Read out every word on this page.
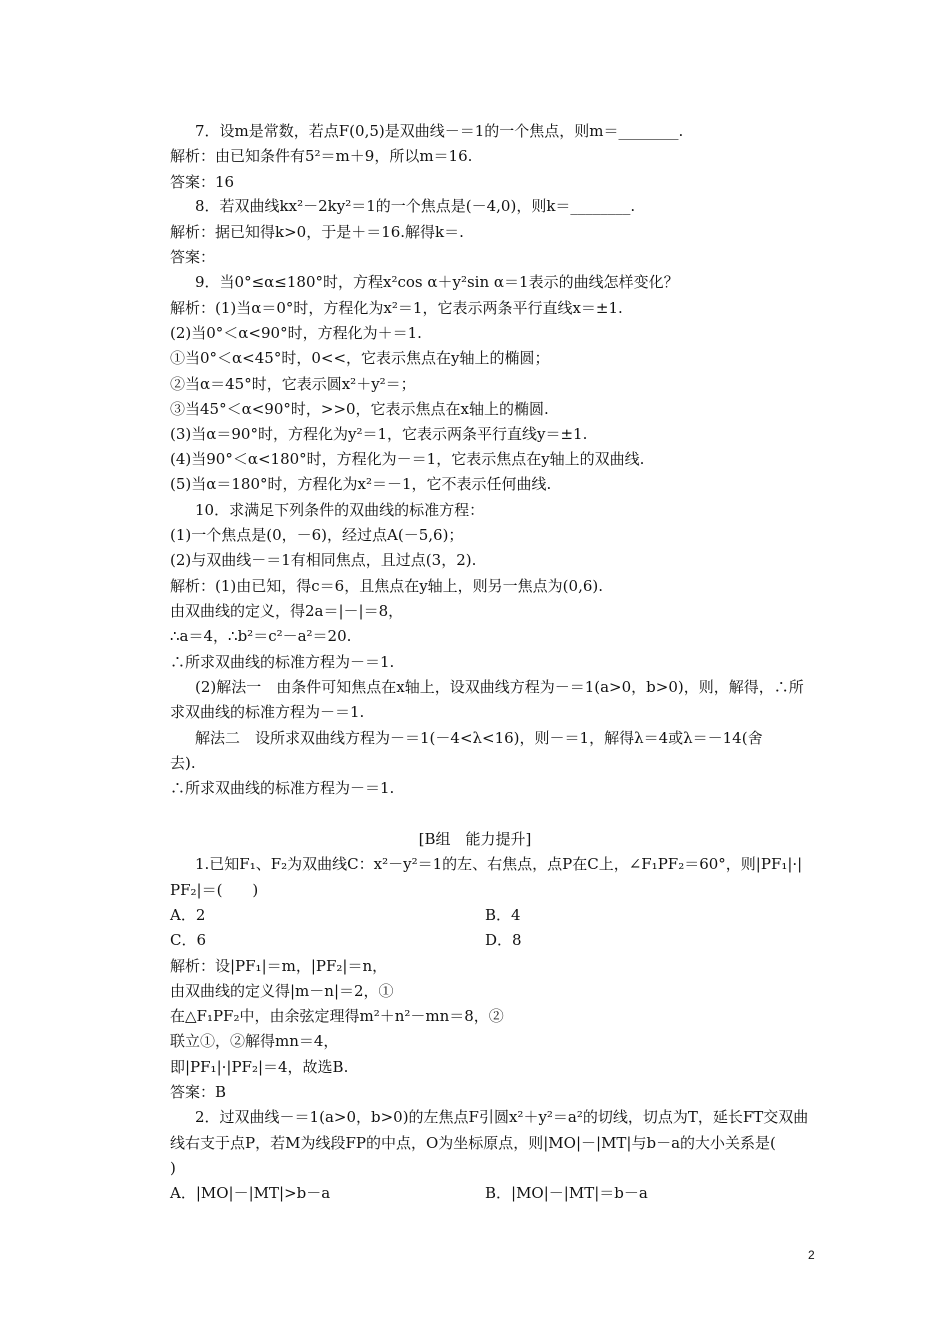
7．设m是常数，若点F(0,5)是双曲线－＝1的一个焦点，则m＝________.
解析：由已知条件有5²＝m＋9，所以m＝16.
答案：16
8．若双曲线kx²－2ky²＝1的一个焦点是(－4,0)，则k＝________.
解析：据已知得k>0，于是＋＝16.解得k＝.
答案：
9．当0°≤α≤180°时，方程x²cos α＋y²sin α＝1表示的曲线怎样变化？
解析：(1)当α＝0°时，方程化为x²＝1，它表示两条平行直线x＝±1.
(2)当0°＜α<90°时，方程化为＋＝1.
①当0°＜α<45°时，0<<，它表示焦点在y轴上的椭圆；
②当α＝45°时，它表示圆x²＋y²＝；
③当45°＜α<90°时，>>0，它表示焦点在x轴上的椭圆.
(3)当α＝90°时，方程化为y²＝1，它表示两条平行直线y＝±1.
(4)当90°＜α<180°时，方程化为－＝1，它表示焦点在y轴上的双曲线.
(5)当α＝180°时，方程化为x²＝－1，它不表示任何曲线.
10．求满足下列条件的双曲线的标准方程：
(1)一个焦点是(0，－6)，经过点A(－5,6)；
(2)与双曲线－＝1有相同焦点，且过点(3，2).
解析：(1)由已知，得c＝6，且焦点在y轴上，则另一焦点为(0,6).
由双曲线的定义，得2a＝|－|＝8，
∴a＝4，∴b²＝c²－a²＝20.
∴所求双曲线的标准方程为－＝1.
(2)解法一　由条件可知焦点在x轴上，设双曲线方程为－＝1(a>0，b>0)，则，解得，∴所
求双曲线的标准方程为－＝1.
解法二　设所求双曲线方程为－＝1(－4<λ<16)，则－＝1，解得λ＝4或λ＝－14(舍
去).
∴所求双曲线的标准方程为－＝1.
[B组　能力提升]
1.已知F₁、F₂为双曲线C：x²－y²＝1的左、右焦点，点P在C上，∠F₁PF₂＝60°，则|PF₁|·|
PF₂|＝(　　)
A．2	B．4
C．6	D．8
解析：设|PF₁|＝m，|PF₂|＝n，
由双曲线的定义得|m－n|＝2，①
在△F₁PF₂中，由余弦定理得m²＋n²－mn＝8，②
联立①，②解得mn＝4，
即|PF₁|·|PF₂|＝4，故选B.
答案：B
2．过双曲线－＝1(a>0，b>0)的左焦点F引圆x²＋y²＝a²的切线，切点为T，延长FT交双曲
线右支于点P，若M为线段FP的中点，O为坐标原点，则|MO|－|MT|与b－a的大小关系是(
)
A．|MO|－|MT|>b－a	B．|MO|－|MT|＝b－a
2
